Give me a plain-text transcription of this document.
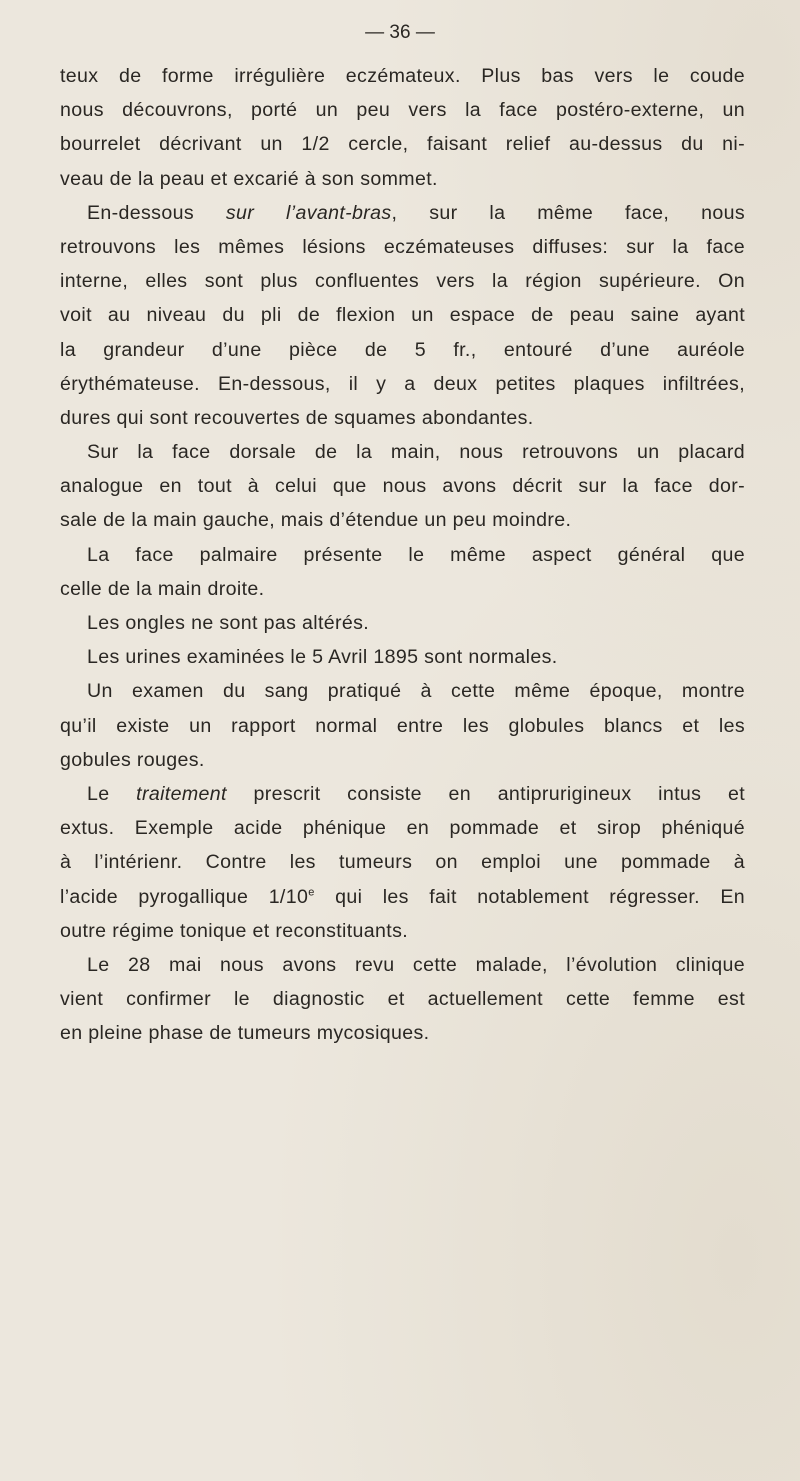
— 36 —
teux de forme irrégulière eczémateux. Plus bas vers le coude
nous découvrons, porté un peu vers la face postéro-externe, un
bourrelet décrivant un 1/2 cercle, faisant relief au-dessus du ni-
veau de la peau et excarié à son sommet.
En-dessous sur l’avant-bras, sur la même face, nous
retrouvons les mêmes lésions eczémateuses diffuses: sur la face
interne, elles sont plus confluentes vers la région supérieure. On
voit au niveau du pli de flexion un espace de peau saine ayant
la grandeur d’une pièce de 5 fr., entouré d’une auréole
érythémateuse. En-dessous, il y a deux petites plaques infiltrées,
dures qui sont recouvertes de squames abondantes.
Sur la face dorsale de la main, nous retrouvons un placard
analogue en tout à celui que nous avons décrit sur la face dor-
sale de la main gauche, mais d’étendue un peu moindre.
La face palmaire présente le même aspect général que
celle de la main droite.
Les ongles ne sont pas altérés.
Les urines examinées le 5 Avril 1895 sont normales.
Un examen du sang pratiqué à cette même époque, montre
qu’il existe un rapport normal entre les globules blancs et les
gobules rouges.
Le traitement prescrit consiste en antiprurigineux intus et
extus. Exemple acide phénique en pommade et sirop phéniqué
à l’intérienr. Contre les tumeurs on emploi une pommade à
l’acide pyrogallique 1/10e qui les fait notablement régresser. En
outre régime tonique et reconstituants.
Le 28 mai nous avons revu cette malade, l’évolution clinique
vient confirmer le diagnostic et actuellement cette femme est
en pleine phase de tumeurs mycosiques.
